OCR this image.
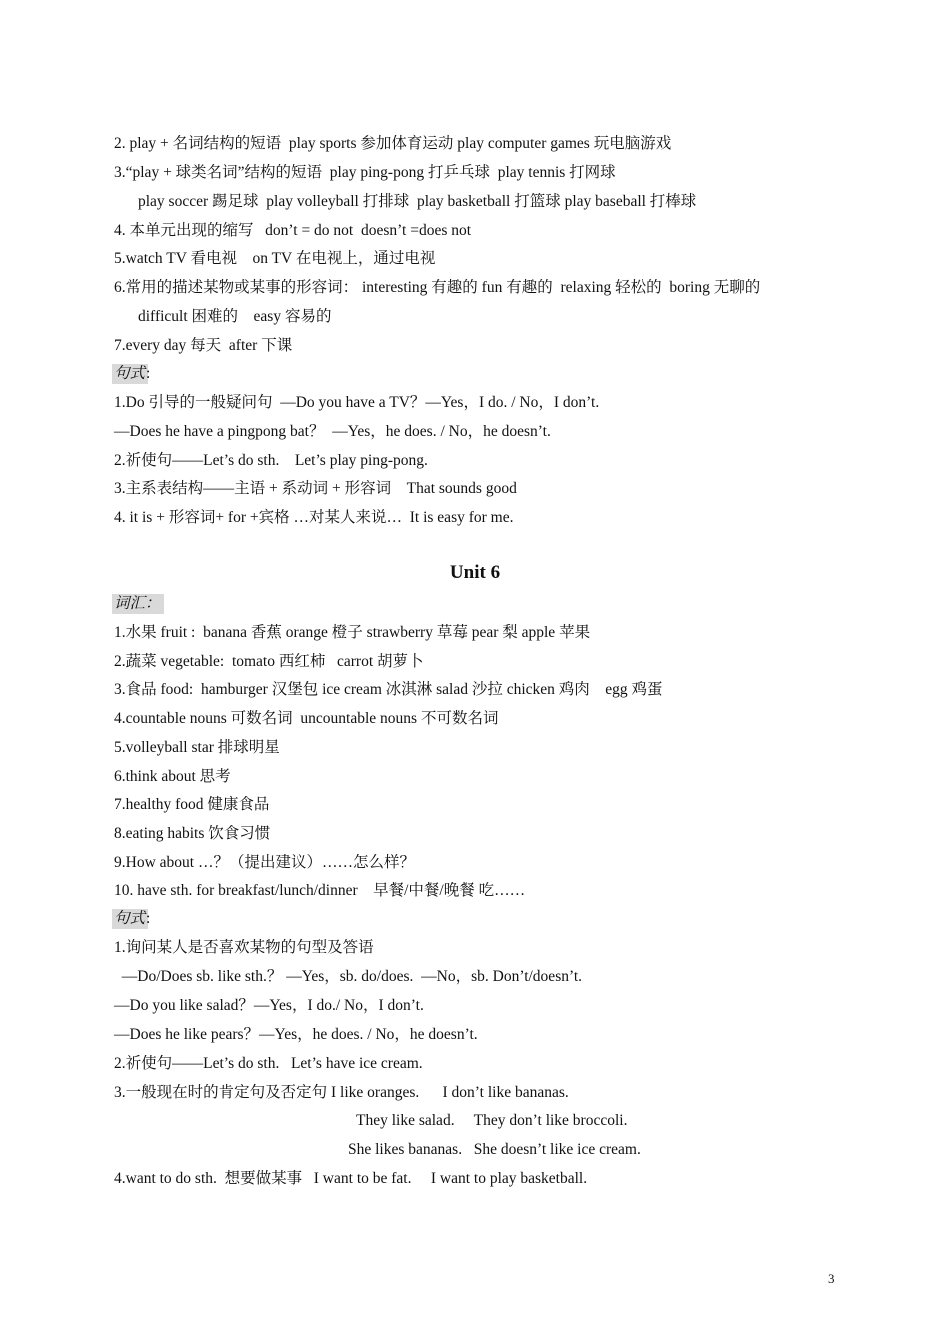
2. play + 名词结构的短语  play sports 参加体育运动 play computer games 玩电脑游戏
3.“play + 球类名词”结构的短语  play ping-pong 打乒乓球  play tennis 打网球
play soccer 踢足球  play volleyball 打排球  play basketball 打篮球 play baseball 打棒球
4. 本单元出现的缩写   don’t = do not  doesn’t =does not
5.watch TV 看电视    on TV 在电视上，通过电视
6.常用的描述某物或某事的形容词： interesting 有趣的 fun 有趣的  relaxing 轻松的  boring 无聊的
difficult 困难的    easy 容易的
7.every day 每天  after 下课
句式 :
1.Do 引导的一般疑问句  —Do you have a TV？—Yes，I do. / No，I don’t.
—Does he have a pingpong bat？  —Yes，he does. / No，he doesn’t.
2.祈使句——Let’s do sth.    Let’s play ping-pong.
3.主系表结构——主语 + 系动词 + 形容词    That sounds good
4. it is + 形容词+ for +宾格 …对某人来说…  It is easy for me.
Unit 6
词汇：
1.水果 fruit :  banana 香蕉 orange 橙子 strawberry 草莓 pear 梨 apple 苹果
2.蔬菜 vegetable:  tomato 西红柿   carrot 胡萝卜
3.食品 food:  hamburger 汉堡包 ice cream 冰淇淋 salad 沙拉 chicken 鸡肉    egg 鸡蛋
4.countable nouns 可数名词  uncountable nouns 不可数名词
5.volleyball star 排球明星
6.think about 思考
7.healthy food 健康食品
8.eating habits 饮食习惯
9.How about …？（提出建议）……怎么样？
10. have sth. for breakfast/lunch/dinner    早餐/中餐/晚餐 吃……
句式 :
1.询问某人是否喜欢某物的句型及答语
—Do/Does sb. like sth.？ —Yes，sb. do/does.  —No，sb. Don’t/doesn’t.
—Do you like salad？—Yes，I do./ No，I don’t.
—Does he like pears？—Yes，he does. / No，he doesn’t.
2.祈使句——Let’s do sth.   Let’s have ice cream.
3.一般现在时的肯定句及否定句 I like oranges.      I don’t like bananas.
They like salad.     They don’t like broccoli.
She likes bananas.   She doesn’t like ice cream.
4.want to do sth.  想要做某事   I want to be fat.     I want to play basketball.
3
